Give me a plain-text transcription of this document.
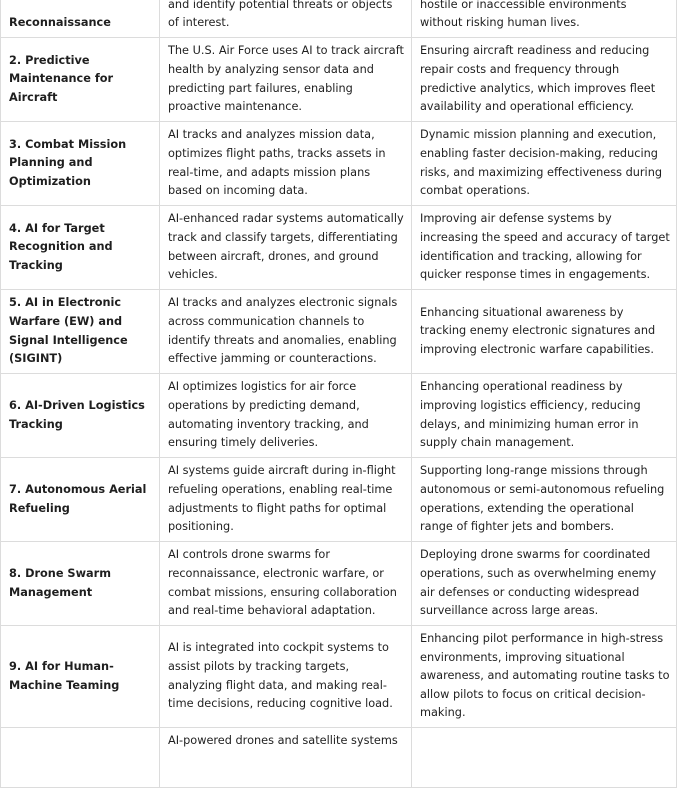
Reconnaissance	and identify potential threats or objects of interest.	hostile or inaccessible environments without risking human lives.
2. Predictive Maintenance for Aircraft	The U.S. Air Force uses AI to track aircraft health by analyzing sensor data and predicting part failures, enabling proactive maintenance.	Ensuring aircraft readiness and reducing repair costs and frequency through predictive analytics, which improves fleet availability and operational efficiency.
3. Combat Mission Planning and Optimization	AI tracks and analyzes mission data, optimizes flight paths, tracks assets in real-time, and adapts mission plans based on incoming data.	Dynamic mission planning and execution, enabling faster decision-making, reducing risks, and maximizing effectiveness during combat operations.
4. AI for Target Recognition and Tracking	AI-enhanced radar systems automatically track and classify targets, differentiating between aircraft, drones, and ground vehicles.	Improving air defense systems by increasing the speed and accuracy of target identification and tracking, allowing for quicker response times in engagements.
5. AI in Electronic Warfare (EW) and Signal Intelligence (SIGINT)	AI tracks and analyzes electronic signals across communication channels to identify threats and anomalies, enabling effective jamming or counteractions.	Enhancing situational awareness by tracking enemy electronic signatures and improving electronic warfare capabilities.
6. AI-Driven Logistics Tracking	AI optimizes logistics for air force operations by predicting demand, automating inventory tracking, and ensuring timely deliveries.	Enhancing operational readiness by improving logistics efficiency, reducing delays, and minimizing human error in supply chain management.
7. Autonomous Aerial Refueling	AI systems guide aircraft during in-flight refueling operations, enabling real-time adjustments to flight paths for optimal positioning.	Supporting long-range missions through autonomous or semi-autonomous refueling operations, extending the operational range of fighter jets and bombers.
8. Drone Swarm Management	AI controls drone swarms for reconnaissance, electronic warfare, or combat missions, ensuring collaboration and real-time behavioral adaptation.	Deploying drone swarms for coordinated operations, such as overwhelming enemy air defenses or conducting widespread surveillance across large areas.
9. AI for Human-Machine Teaming	AI is integrated into cockpit systems to assist pilots by tracking targets, analyzing flight data, and making real-time decisions, reducing cognitive load.	Enhancing pilot performance in high-stress environments, improving situational awareness, and automating routine tasks to allow pilots to focus on critical decision-making.
	AI-powered drones and satellite systems	
